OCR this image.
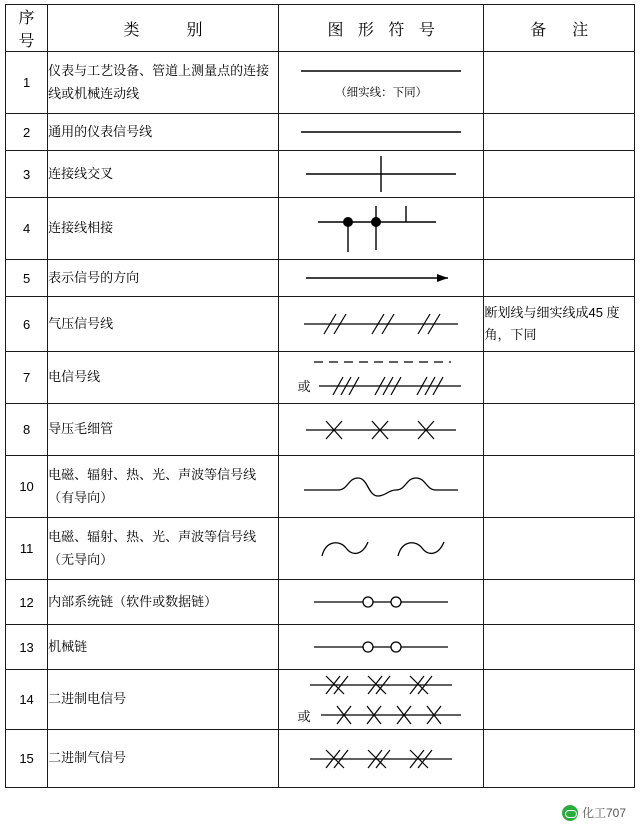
序　号	类　　别	图 形 符 号	备　注

1	仪表与工艺设备、管道上测量点的连接线或机械连动线	（细实线：下同）	

2	通用的仪表信号线	

3	连接线交叉	

4	连接线相接	

5	表示信号的方向	

6	气压信号线		断划线与细实线成45 度角，下同
7	电信号线	或	

8	导压毛细管	

10	电磁、辐射、热、光、声波等信号线（有导向）	

11	电磁、辐射、热、光、声波等信号线（无导向）	

12	内部系统链（软件或数据链）	

13	机械链	

14	二进制电信号	或	

15	二进制气信号	

化工707
